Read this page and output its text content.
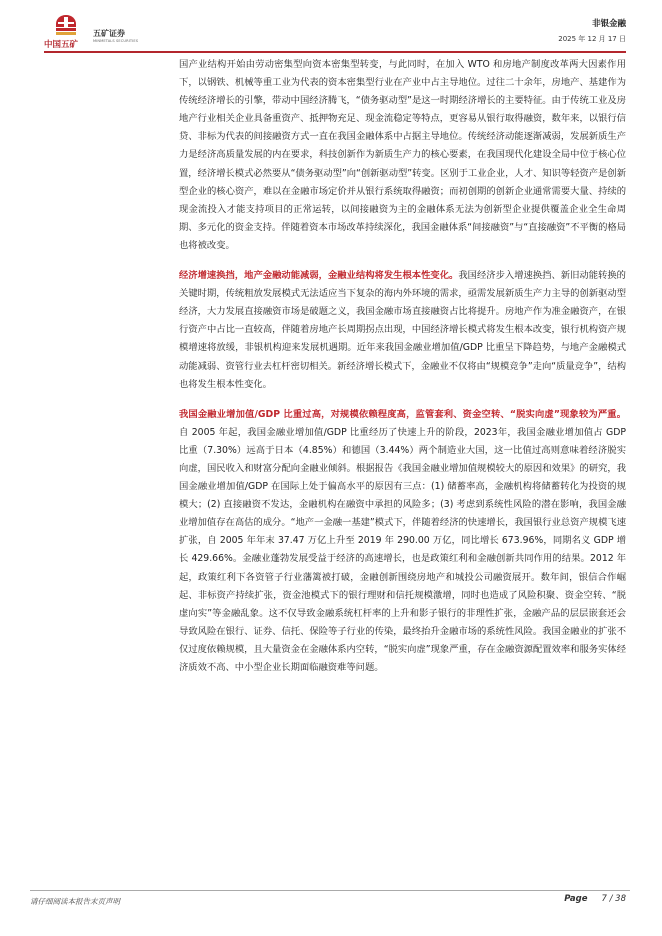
中国五矿
五矿证券
MINMETALS SECURITIES
非银金融
2025 年 12 月 17 日

国产业结构开始由劳动密集型向资本密集型转变，与此同时，在加入 WTO 和房地产制度改革两大因素作用下，以钢铁、机械等重工业为代表的资本密集型行业在产业中占主导地位。过往二十余年，房地产、基建作为传统经济增长的引擎，带动中国经济腾飞，“债务驱动型”是这一时期经济增长的主要特征。由于传统工业及房地产行业相关企业具备重资产、抵押物充足、现金流稳定等特点，更容易从银行取得融资，数年来，以银行信贷、非标为代表的间接融资方式一直在我国金融体系中占据主导地位。传统经济动能逐渐减弱，发展新质生产力是经济高质量发展的内在要求，科技创新作为新质生产力的核心要素，在我国现代化建设全局中位于核心位置，经济增长模式必然要从“债务驱动型”向“创新驱动型”转变。区别于工业企业，人才、知识等轻资产是创新型企业的核心资产，难以在金融市场定价并从银行系统取得融资；而初创期的创新企业通常需要大量、持续的现金流投入才能支持项目的正常运转，以间接融资为主的金融体系无法为创新型企业提供覆盖企业全生命周期、多元化的资金支持。伴随着资本市场改革持续深化，我国金融体系“间接融资”与“直接融资”不平衡的格局也将被改变。

经济增速换挡，地产金融动能减弱，金融业结构将发生根本性变化。我国经济步入增速换挡、新旧动能转换的关键时期，传统粗放发展模式无法适应当下复杂的海内外环境的需求，亟需发展新质生产力主导的创新驱动型经济，大力发展直接融资市场是破题之义，我国金融市场直接融资占比将提升。房地产作为准金融资产，在银行资产中占比一直较高，伴随着房地产长周期拐点出现，中国经济增长模式将发生根本改变，银行机构资产规模增速将放缓，非银机构迎来发展机遇期。近年来我国金融业增加值/GDP 比重呈下降趋势，与地产金融模式动能减弱、资管行业去杠杆密切相关。新经济增长模式下，金融业不仅将由“规模竞争”走向“质量竞争”，结构也将发生根本性变化。

我国金融业增加值/GDP 比重过高，对规模依赖程度高，监管套利、资金空转、“脱实向虚”现象较为严重。自 2005 年起，我国金融业增加值/GDP 比重经历了快速上升的阶段，2023年，我国金融业增加值占 GDP 比重（7.30%）远高于日本（4.85%）和德国（3.44%）两个制造业大国，这一比值过高则意味着经济脱实向虚，国民收入和财富分配向金融业倾斜。根据报告《我国金融业增加值规模较大的原因和效果》的研究，我国金融业增加值/GDP 在国际上处于偏高水平的原因有三点：(1) 储蓄率高，金融机构将储蓄转化为投资的规模大；(2) 直接融资不发达，金融机构在融资中承担的风险多；(3) 考虑到系统性风险的潜在影响，我国金融业增加值存在高估的成分。“地产一金融一基建”模式下，伴随着经济的快速增长，我国银行业总资产规模飞速扩张，自 2005 年年末 37.47 万亿上升至 2019 年 290.00 万亿，同比增长 673.96%，同期名义 GDP 增长 429.66%。金融业蓬勃发展受益于经济的高速增长，也是政策红利和金融创新共同作用的结果。2012 年起，政策红利下各资管子行业藩篱被打破，金融创新围绕房地产和城投公司融资展开。数年间，银信合作崛起、非标资产持续扩张，资金池模式下的银行理财和信托规模激增，同时也造成了风险积聚、资金空转、“脱虚向实”等金融乱象。这不仅导致金融系统杠杆率的上升和影子银行的非理性扩张，金融产品的层层嵌套还会导致风险在银行、证券、信托、保险等子行业的传染，最终抬升金融市场的系统性风险。我国金融业的扩张不仅过度依赖规模，且大量资金在金融体系内空转，“脱实向虚”现象严重，存在金融资源配置效率和服务实体经济质效不高、中小型企业长期面临融资难等问题。

请仔细阅读本报告末页声明	Page 7 / 38
